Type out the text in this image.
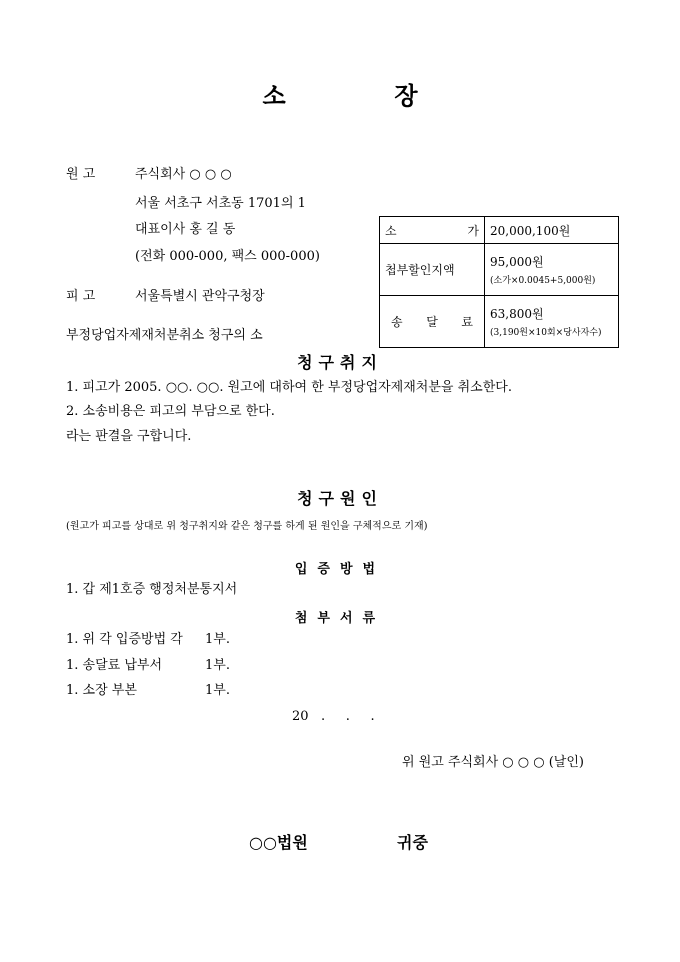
소	장
원 고	주식회사 ○ ○ ○
서울 서초구 서초동 1701의 1
대표이사 홍 길 동
(전화 000-000, 팩스 000-000)
피 고	서울특별시 관악구청장
부정당업자제재처분취소 청구의 소
소 가	20,000,100원
첩부할인지액	95,000원
(소가×0.0045+5,000원)

송 달 료	63,800원
(3,190원×10회×당사자수)
청구취지
1. 피고가 2005. ○○. ○○. 원고에 대하여 한 부정당업자제재처분을 취소한다.
2. 소송비용은 피고의 부담으로 한다.
라는 판결을 구합니다.
청구원인
(원고가 피고를 상대로 위 청구취지와 같은 청구를 하게 된 원인을 구체적으로 기재)
입증방법
1. 갑 제1호증 행정처분통지서
첨부서류
1. 위 각 입증방법 각 1부.
1. 송달료 납부서	1부.
1. 소장 부본	1부.
20   .     .     .
위 원고 주식회사 ○ ○ ○ (날인)
○○법원	귀중
